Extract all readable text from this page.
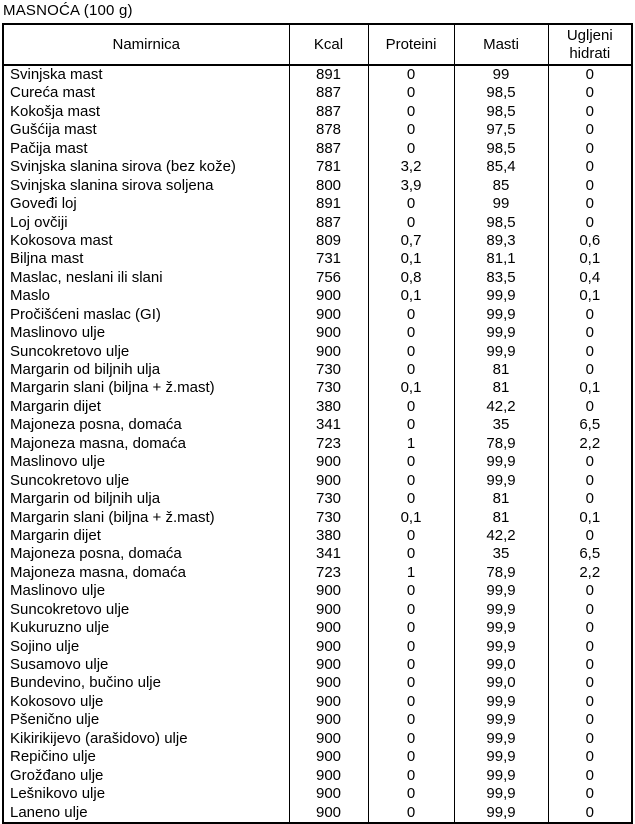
MASNOĆA (100 g)
Namirnica	Kcal	Proteini	Masti	Ugljeni hidrati
Svinjska mast	891	0	99	0
Cureća mast	887	0	98,5	0
Kokošja mast	887	0	98,5	0
Gušćija mast	878	0	97,5	0
Pačija mast	887	0	98,5	0
Svinjska slanina sirova (bez kože)	781	3,2	85,4	0
Svinjska slanina sirova soljena	800	3,9	85	0
Goveđi loj	891	0	99	0
Loj ovčiji	887	0	98,5	0
Kokosova mast	809	0,7	89,3	0,6
Biljna mast	731	0,1	81,1	0,1
Maslac, neslani ili slani	756	0,8	83,5	0,4
Maslo	900	0,1	99,9	0,1
Pročišćeni maslac (GI)	900	0	99,9	0
Maslinovo ulje	900	0	99,9	0
Suncokretovo ulje	900	0	99,9	0
Margarin od biljnih ulja	730	0	81	0
Margarin slani (biljna + ž.mast)	730	0,1	81	0,1
Margarin dijet	380	0	42,2	0
Majoneza posna, domaća	341	0	35	6,5
Majoneza masna, domaća	723	1	78,9	2,2
Maslinovo ulje	900	0	99,9	0
Suncokretovo ulje	900	0	99,9	0
Margarin od biljnih ulja	730	0	81	0
Margarin slani (biljna + ž.mast)	730	0,1	81	0,1
Margarin dijet	380	0	42,2	0
Majoneza posna, domaća	341	0	35	6,5
Majoneza masna, domaća	723	1	78,9	2,2
Maslinovo ulje	900	0	99,9	0
Suncokretovo ulje	900	0	99,9	0
Kukuruzno ulje	900	0	99,9	0
Sojino ulje	900	0	99,9	0
Susamovo ulje	900	0	99,0	0
Bundevino, bučino ulje	900	0	99,0	0
Kokosovo ulje	900	0	99,9	0
Pšenično ulje	900	0	99,9	0
Kikirikijevo (arašidovo) ulje	900	0	99,9	0
Repičino ulje	900	0	99,9	0
Grožđano ulje	900	0	99,9	0
Lešnikovo ulje	900	0	99,9	0
Laneno ulje	900	0	99,9	0
